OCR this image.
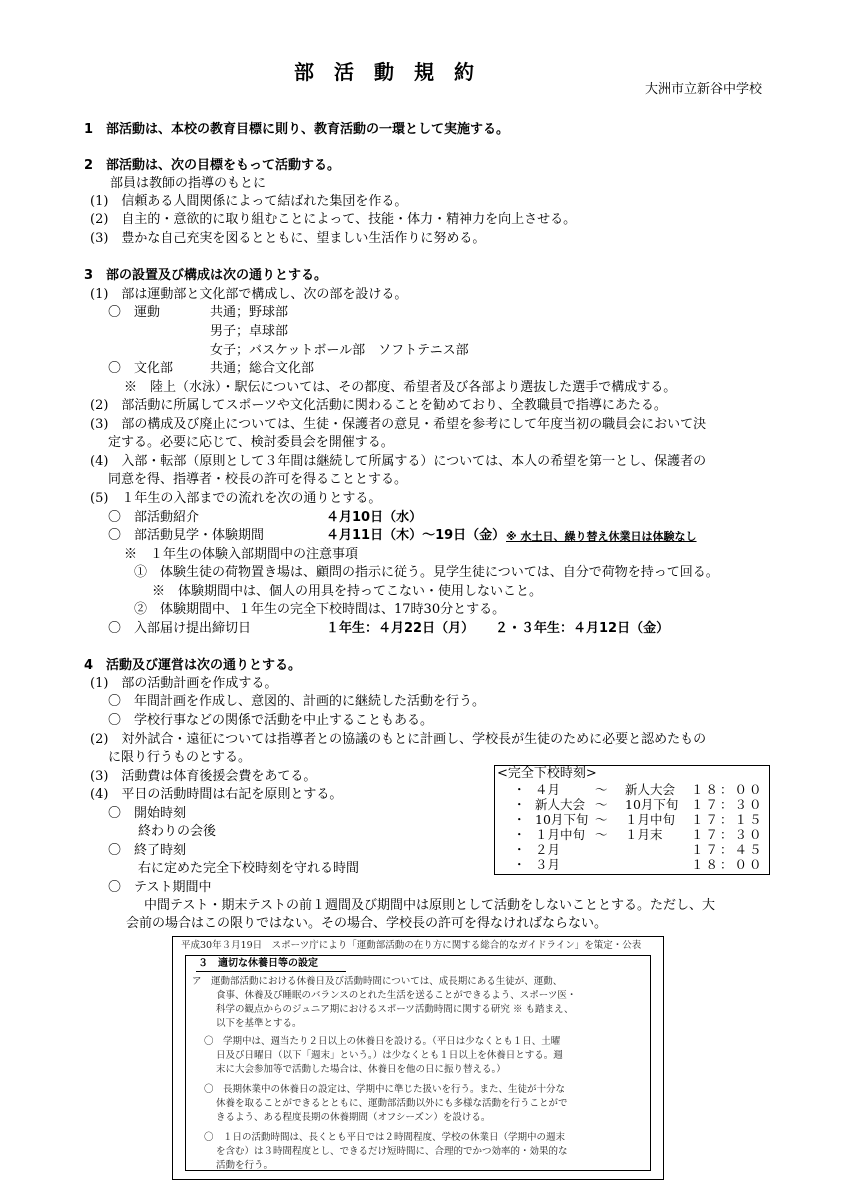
部活動規約
大洲市立新谷中学校
1　部活動は、本校の教育目標に則り、教育活動の一環として実施する。
2　部活動は、次の目標をもって活動する。
部員は教師の指導のもとに
(1)　信頼ある人間関係によって結ばれた集団を作る。
(2)　自主的・意欲的に取り組むことによって、技能・体力・精神力を向上させる。
(3)　豊かな自己充実を図るとともに、望ましい生活作りに努める。
3　部の設置及び構成は次の通りとする。
(1)　部は運動部と文化部で構成し、次の部を設ける。
〇　運動	共通；野球部
男子；卓球部
女子；バスケットボール部　ソフトテニス部
〇　文化部	共通；総合文化部
※　陸上（水泳）・駅伝については、その都度、希望者及び各部より選抜した選手で構成する。
(2)　部活動に所属してスポーツや文化活動に関わることを勧めており、全教職員で指導にあたる。
(3)　部の構成及び廃止については、生徒・保護者の意見・希望を参考にして年度当初の職員会において決
定する。必要に応じて、検討委員会を開催する。
(4)　入部・転部（原則として３年間は継続して所属する）については、本人の希望を第一とし、保護者の
同意を得、指導者・校長の許可を得ることとする。
(5)　１年生の入部までの流れを次の通りとする。
〇　部活動紹介	４月10日（水）
〇　部活動見学・体験期間	４月11日（木）～19日（金） ※ 水土日、繰り替え休業日は体験なし
※　１年生の体験入部期間中の注意事項
①　体験生徒の荷物置き場は、顧問の指示に従う。見学生徒については、自分で荷物を持って回る。
※　体験期間中は、個人の用具を持ってこない・使用しないこと。
②　体験期間中、１年生の完全下校時間は、17時30分とする。
〇　入部届け提出締切日	１年生：４月22日（月） ２・３年生：４月12日（金）
4　活動及び運営は次の通りとする。
(1)　部の活動計画を作成する。
〇　年間計画を作成し、意図的、計画的に継続した活動を行う。
〇　学校行事などの関係で活動を中止することもある。
(2)　対外試合・遠征については指導者との協議のもとに計画し、学校長が生徒のために必要と認めたもの
に限り行うものとする。
(3)　活動費は体育後援会費をあてる。
(4)　平日の活動時間は右記を原則とする。
〇　開始時刻
終わりの会後
〇　終了時刻
右に定めた完全下校時刻を守れる時間
〇　テスト期間中
中間テスト・期末テストの前１週間及び期間中は原則として活動をしないこととする。ただし、大
会前の場合はこの限りではない。その場合、学校長の許可を得なければならない。
<完全下校時刻>
・ ４月	～ 新人大会 １８：００
・ 新人大会 ～ 10月下旬 １７：３０
・ 10月下旬 ～ １月中旬 １７：１５
・ １月中旬 ～ １月末 １７：３０
・ ２月	１７：４５
・ ３月	１８：００
平成30年３月19日　スポーツ庁により「運動部活動の在り方に関する総合的なガイドライン」を策定・公表
３　適切な休養日等の設定
ア　運動部活動における休養日及び活動時間については、成長期にある生徒が、運動、
食事、休養及び睡眠のバランスのとれた生活を送ることができるよう、スポーツ医・
科学の観点からのジュニア期におけるスポーツ活動時間に関する研究 ※ も踏まえ、
以下を基準とする。
〇　学期中は、週当たり２日以上の休養日を設ける。（平日は少なくとも１日、土曜
日及び日曜日（以下「週末」という。）は少なくとも１日以上を休養日とする。週
末に大会参加等で活動した場合は、休養日を他の日に振り替える。）
〇　長期休業中の休養日の設定は、学期中に準じた扱いを行う。また、生徒が十分な
休養を取ることができるとともに、運動部活動以外にも多様な活動を行うことがで
きるよう、ある程度長期の休養期間（オフシーズン）を設ける。
〇　１日の活動時間は、長くとも平日では２時間程度、学校の休業日（学期中の週末
を含む）は３時間程度とし、できるだけ短時間に、合理的でかつ効率的・効果的な
活動を行う。
